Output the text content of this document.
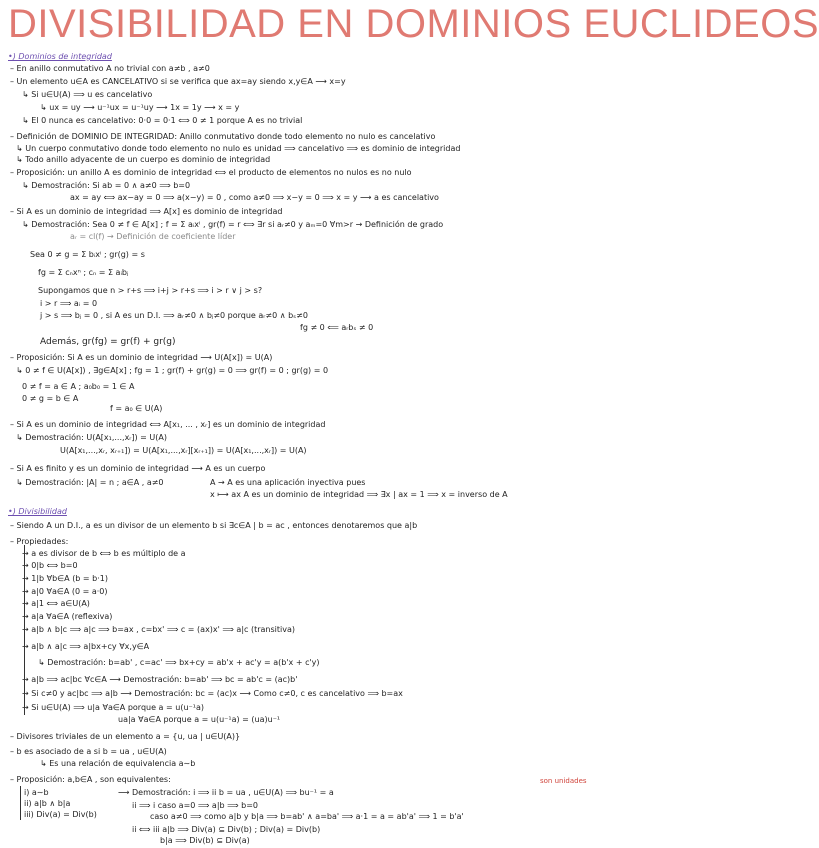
DIVISIBILIDAD EN DOMINIOS EUCLIDEOS
•) Dominios de integridad
– En anillo conmutativo A no trivial con a≠b , a≠0
– Un elemento u∈A es CANCELATIVO si se verifica que ax=ay siendo x,y∈A ⟶ x=y
↳ Si u∈U(A) ⟹ u es cancelativo
↳ ux = uy ⟶ u⁻¹ux = u⁻¹uy ⟶ 1x = 1y ⟶ x = y
↳ El 0 nunca es cancelativo: 0·0 = 0·1 ⟺ 0 ≠ 1 porque A es no trivial
– Definición de DOMINIO DE INTEGRIDAD: Anillo conmutativo donde todo elemento no nulo es cancelativo
↳ Un cuerpo conmutativo donde todo elemento no nulo es unidad ⟹ cancelativo ⟹ es dominio de integridad
↳ Todo anillo adyacente de un cuerpo es dominio de integridad
– Proposición: un anillo A es dominio de integridad ⟺ el producto de elementos no nulos es no nulo
↳ Demostración: Si ab = 0 ∧ a≠0 ⟹ b=0
ax = ay ⟺ ax−ay = 0 ⟹ a(x−y) = 0 , como a≠0 ⟹ x−y = 0 ⟹ x = y ⟶ a es cancelativo
– Si A es un dominio de integridad ⟹ A[x] es dominio de integridad
↳ Demostración: Sea 0 ≠ f ∈ A[x] ; f = Σ aᵢxⁱ , gr(f) = r ⟺ ∃r si aᵣ≠0 y aₘ=0 ∀m>r → Definición de grado
aᵣ = cl(f) → Definición de coeficiente líder
Sea 0 ≠ g = Σ bᵢxⁱ ; gr(g) = s
fg = Σ cₙxⁿ ; cₙ = Σ aᵢbⱼ
Supongamos que n > r+s ⟹ i+j > r+s ⟹ i > r ∨ j > s?
i > r ⟹ aᵢ = 0
j > s ⟹ bⱼ = 0 , si A es un D.I. ⟹ aᵣ≠0 ∧ bⱼ≠0 porque aᵣ≠0 ∧ bₛ≠0
fg ≠ 0 ⟸ aᵣbₛ ≠ 0
Además, gr(fg) = gr(f) + gr(g)
– Proposición: Si A es un dominio de integridad ⟶ U(A[x]) = U(A)
↳ 0 ≠ f ∈ U(A[x]) , ∃g∈A[x] ; fg = 1 ; gr(f) + gr(g) = 0 ⟹ gr(f) = 0 ; gr(g) = 0
0 ≠ f = a ∈ A ; a₀b₀ = 1 ∈ A
0 ≠ g = b ∈ A
f = a₀ ∈ U(A)
– Si A es un dominio de integridad ⟺ A[x₁, ... , xᵣ] es un dominio de integridad
↳ Demostración: U(A[x₁,...,xᵣ]) = U(A)
U(A[x₁,...,xᵣ, xᵣ₊₁]) = U(A[x₁,...,xᵣ][xᵣ₊₁]) = U(A[x₁,...,xᵣ]) = U(A)
– Si A es finito y es un dominio de integridad ⟶ A es un cuerpo
↳ Demostración: |A| = n ; a∈A , a≠0	A → A es una aplicación inyectiva pues
x ⟼ ax A es un dominio de integridad ⟹ ∃x | ax = 1 ⟹ x = inverso de A
•) Divisibilidad
– Siendo A un D.I., a es un divisor de un elemento b si ∃c∈A | b = ac , entonces denotaremos que a|b
– Propiedades:
→ a es divisor de b ⟺ b es múltiplo de a
→ 0|b ⟺ b=0
→ 1|b ∀b∈A (b = b·1)
→ a|0 ∀a∈A (0 = a·0)
→ a|1 ⟺ a∈U(A)
→ a|a ∀a∈A (reflexiva)
→ a|b ∧ b|c ⟹ a|c ⟹ b=ax , c=bx' ⟹ c = (ax)x' ⟹ a|c (transitiva)
→ a|b ∧ a|c ⟹ a|bx+cy ∀x,y∈A
↳ Demostración: b=ab' , c=ac' ⟹ bx+cy = ab'x + ac'y = a(b'x + c'y)
→ a|b ⟹ ac|bc ∀c∈A ⟶ Demostración: b=ab' ⟹ bc = ab'c = (ac)b'
→ Si c≠0 y ac|bc ⟹ a|b ⟶ Demostración: bc = (ac)x ⟶ Como c≠0, c es cancelativo ⟹ b=ax
→ Si u∈U(A) ⟹ u|a ∀a∈A porque a = u(u⁻¹a)
ua|a ∀a∈A porque a = u(u⁻¹a) = (ua)u⁻¹
– Divisores triviales de un elemento a = {u, ua | u∈U(A)}
– b es asociado de a si b = ua , u∈U(A)
↳ Es una relación de equivalencia a∼b
– Proposición: a,b∈A , son equivalentes:
i) a∼b
ii) a|b ∧ b|a
iii) Div(a) = Div(b)
⟶ Demostración: i ⟹ ii b = ua , u∈U(A) ⟹ bu⁻¹ = a
ii ⟹ i caso a=0 ⟹ a|b ⟹ b=0
caso a≠0 ⟹ como a|b y b|a ⟹ b=ab' ∧ a=ba' ⟹ a·1 = a = ab'a' ⟹ 1 = b'a'
ii ⟺ iii a|b ⟹ Div(a) ⊆ Div(b) ; Div(a) = Div(b)
b|a ⟹ Div(b) ⊆ Div(a)
son unidades
